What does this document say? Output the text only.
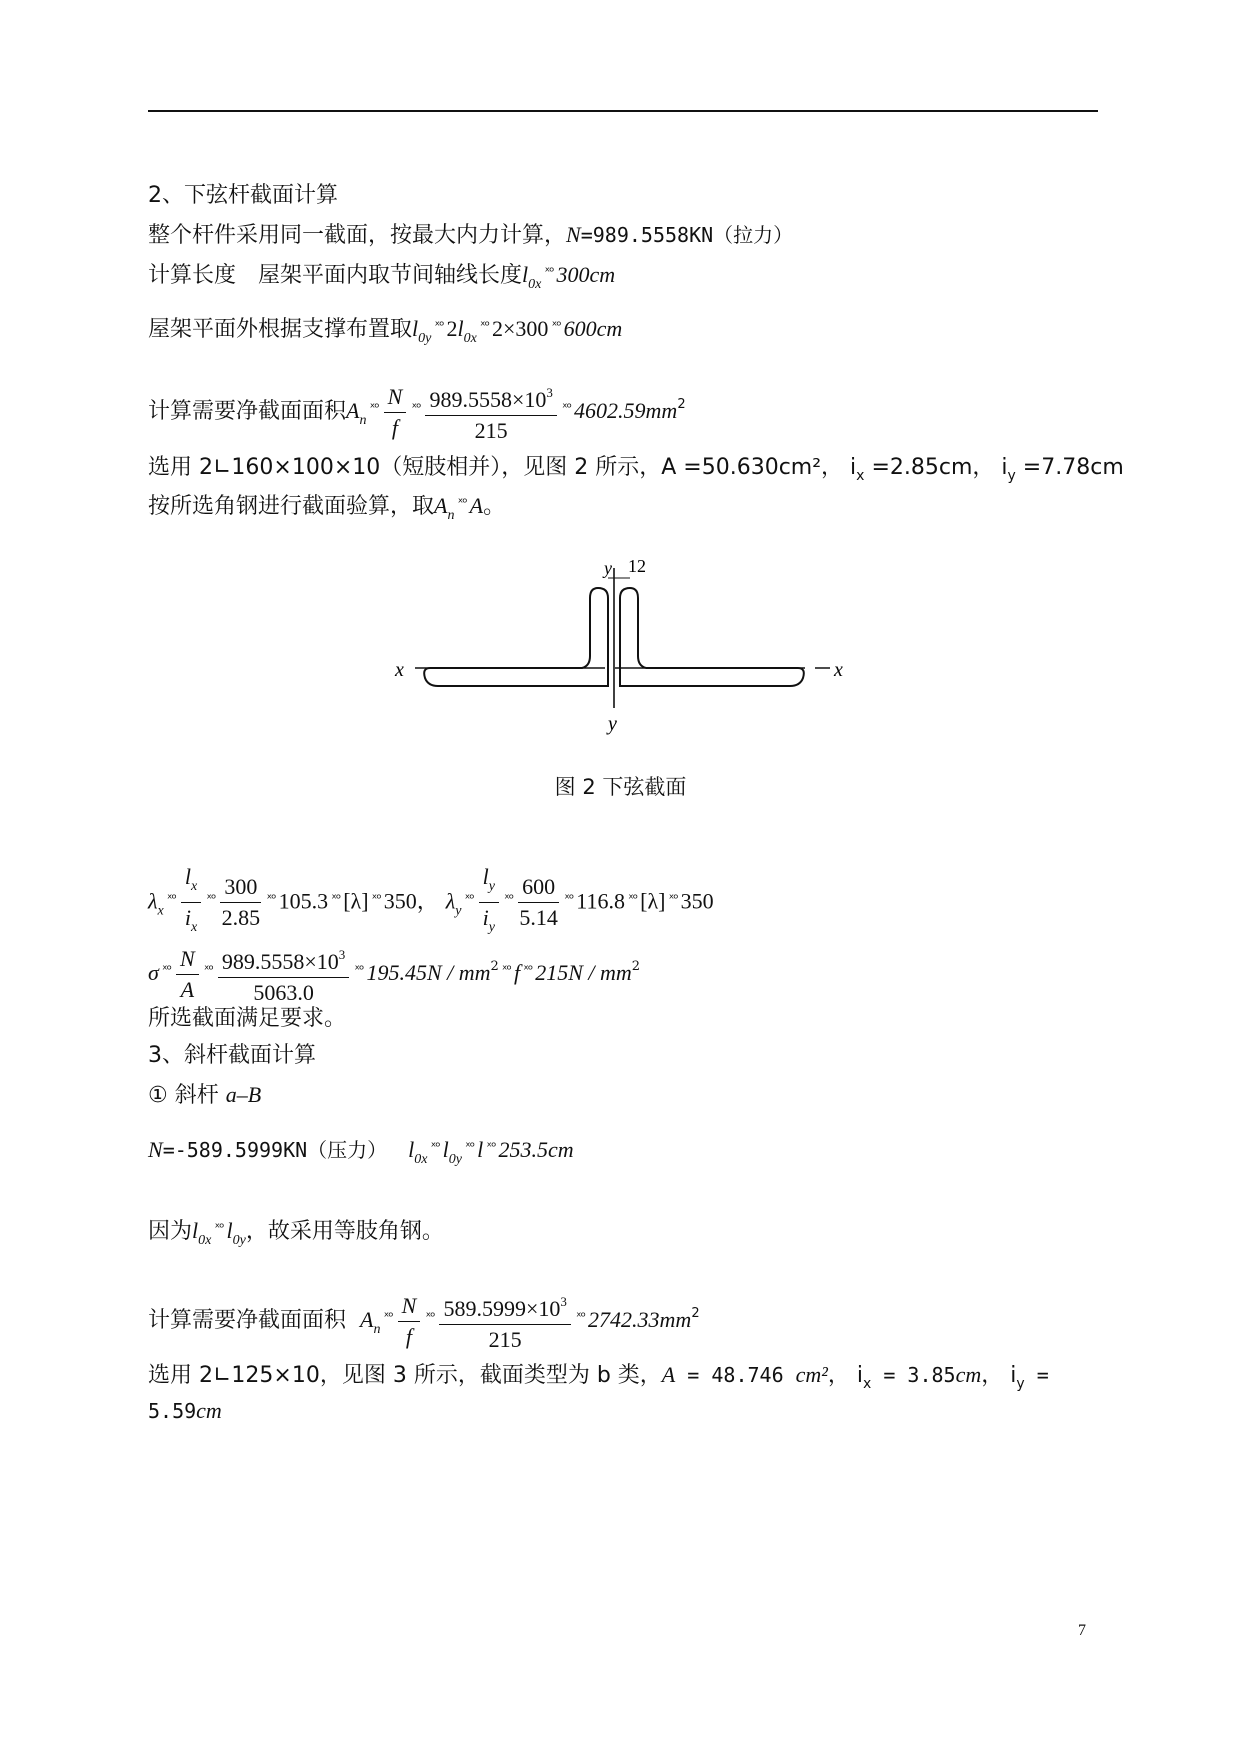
2、下弦杆截面计算
整个杆件采用同一截面，按最大内力计算，N=989.5558KN（拉力）
计算长度　屋架平面内取节间轴线长度$l_{0x}^{ˣᵒ}$ 300cm
屋架平面外根据支撑布置取$l_{0y}^{ˣᵒ}$ $2l_{0x}^{ˣᵒ}$ 2×300 $^{ˣᵒ}$ 600cm
计算需要净截面面积$A_n^{ˣᵒ} \frac{N}{f} ^{ˣᵒ} \frac{989.5558\times 10^3}{215} ^{ˣᵒ}$ $4602.59mm^2$
选用 2∟160×100×10（短肢相并），见图 2 所示，A =50.630cm²， $i_x =2.85cm$， $i_y =7.78cm$
按所选角钢进行截面验算，取$A_n^{ˣᵒ}$ A。
12
y
x	x
y
图 2 下弦截面
$\lambda_x^{ˣᵒ} \frac{l_x}{i_x} ^{ˣᵒ} \frac{300}{2.85} ^{ˣᵒ}$ 105.3 $^{ˣᵒ}$ [λ] $^{ˣᵒ}$ 350， $\lambda_y^{ˣᵒ} \frac{l_y}{i_y} ^{ˣᵒ} \frac{600}{5.14} ^{ˣᵒ}$ 116.8 $^{ˣᵒ}$ [λ] $^{ˣᵒ}$ 350
σ $^{ˣᵒ} \frac{N}{A} ^{ˣᵒ} \frac{989.5558\times 10^3}{5063.0} ^{ˣᵒ}$ $195.45N / mm^2$ $^{ˣᵒ}$ f $^{ˣᵒ}$ $215N / mm^2$
所选截面满足要求。
3、斜杆截面计算
① 斜杆 a–B
N=-589.5999KN（压力） $l_{0x}^{ˣᵒ}$ $l_{0y}^{ˣᵒ}$ l $^{ˣᵒ}$ 253.5cm
因为$l_{0x}^{ˣᵒ}$ $l_{0y}$，故采用等肢角钢。
计算需要净截面面积 $A_n^{ˣᵒ} \frac{N}{f} ^{ˣᵒ} \frac{589.5999\times 10^3}{215} ^{ˣᵒ}$ $2742.33mm^2$
选用 2∟125×10，见图 3 所示，截面类型为 b 类，A = 48.746 cm²， $i_x = 3.85cm$， $i_y$ =
5.59cm
7
